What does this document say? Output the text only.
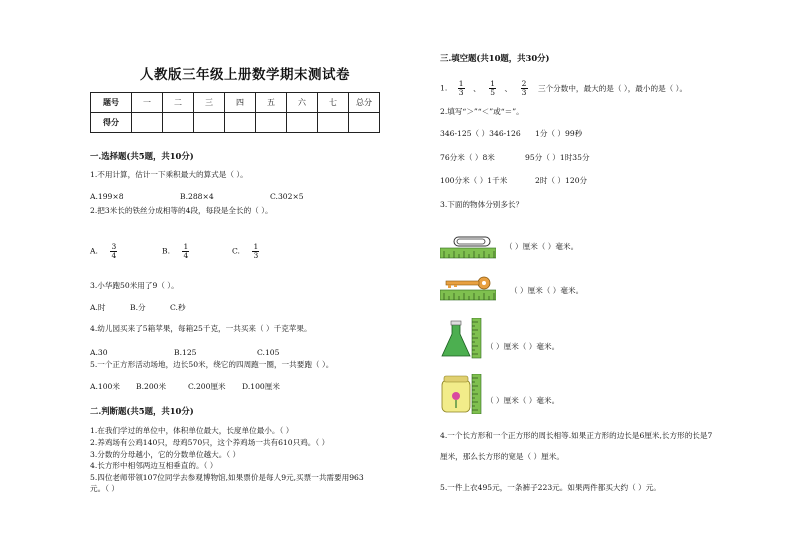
人教版三年级上册数学期末测试卷
题号	一	二	三	四	五	六	七	总分
得分								
一.选择题(共5题，共10分)
1.不用计算，估计一下乘积最大的算式是（ ）。
A.199×8	B.288×4	C.302×5
2.把3米长的铁丝分成相等的4段，每段是全长的（ ）。
A. $\frac{3}{4}$	B. $\frac{1}{4}$	C. $\frac{1}{3}$
3.小华跑50米用了9（ ）。
A.时	B.分	C.秒
4.幼儿园买来了5箱苹果，每箱25千克，一共买来（ ）千克苹果。
A.30	B.125	C.105
5.一个正方形活动场地，边长50米，绕它的四周跑一圈，一共要跑（ ）。
A.100米 B.200米	C.200厘米 D.100厘米
二.判断题(共5题，共10分)
1.在我们学过的单位中，体积单位最大，长度单位最小。（ ）
2.养鸡场有公鸡140只，母鸡570只，这个养鸡场一共有610只鸡。（ ）
3.分数的分母越小，它的分数单位越大。（ ）
4.长方形中相邻两边互相垂直的。（ ）
5.四位老师带领107位同学去参观博物馆,如果票价是每人9元,买票一共需要用963
元。（ ）
三.填空题(共10题，共30分)
1. $\frac{1}{3}$ 、 $\frac{1}{5}$ 、 $\frac{2}{3}$ 三个分数中，最大的是（ ），最小的是（ ）。
2.填写“＞”“＜”或“＝”。
346-125（ ）346-126 1分（ ）99秒
76分米（ ）8米	95分（ ）1时35分
100分米（ ）1千米	2时（ ）120分
3.下面的物体分别多长？
（ ）厘米（ ）毫米。
（ ）厘米（ ）毫米。
（ ）厘米（ ）毫米。
（ ）厘米（ ）毫米。
4.一个长方形和一个正方形的周长相等.如果正方形的边长是6厘米,长方形的长是7
厘米，那么长方形的宽是（ ）厘米。
5.一件上衣495元，一条裤子223元。如果两件都买大约（ ）元。
